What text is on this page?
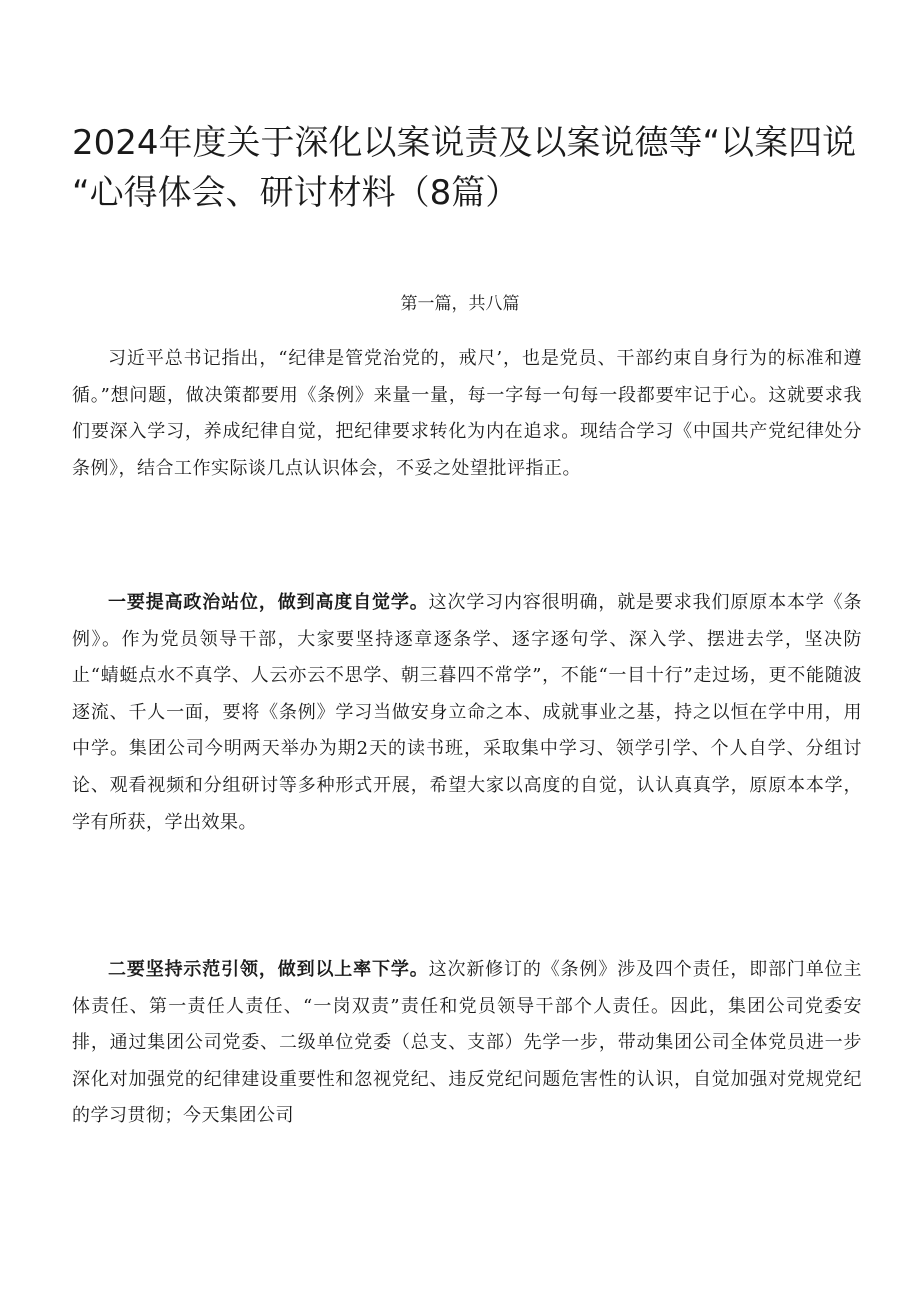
2024年度关于深化以案说责及以案说德等“以案四说
“心得体会、研讨材料（8篇）

第一篇，共八篇

习近平总书记指出，“纪律是管党治党的，戒尺’，也是党员、干部约束自身行为的标准和遵循。”想问题，做决策都要用《条例》来量一量，每一字每一句每一段都要牢记于心。这就要求我们要深入学习，养成纪律自觉，把纪律要求转化为内在追求。现结合学习《中国共产党纪律处分条例》，结合工作实际谈几点认识体会，不妥之处望批评指正。

一要提高政治站位，做到高度自觉学。这次学习内容很明确，就是要求我们原原本本学《条例》。作为党员领导干部，大家要坚持逐章逐条学、逐字逐句学、深入学、摆进去学，坚决防止“蜻蜓点水不真学、人云亦云不思学、朝三暮四不常学”，不能“一目十行”走过场，更不能随波逐流、千人一面，要将《条例》学习当做安身立命之本、成就事业之基，持之以恒在学中用，用中学。集团公司今明两天举办为期2天的读书班，采取集中学习、领学引学、个人自学、分组讨论、观看视频和分组研讨等多种形式开展，希望大家以高度的自觉，认认真真学，原原本本学，学有所获，学出效果。

二要坚持示范引领，做到以上率下学。这次新修订的《条例》涉及四个责任，即部门单位主体责任、第一责任人责任、“一岗双责”责任和党员领导干部个人责任。因此，集团公司党委安排，通过集团公司党委、二级单位党委（总支、支部）先学一步，带动集团公司全体党员进一步深化对加强党的纪律建设重要性和忽视党纪、违反党纪问题危害性的认识，自觉加强对党规党纪的学习贯彻；今天集团公司
